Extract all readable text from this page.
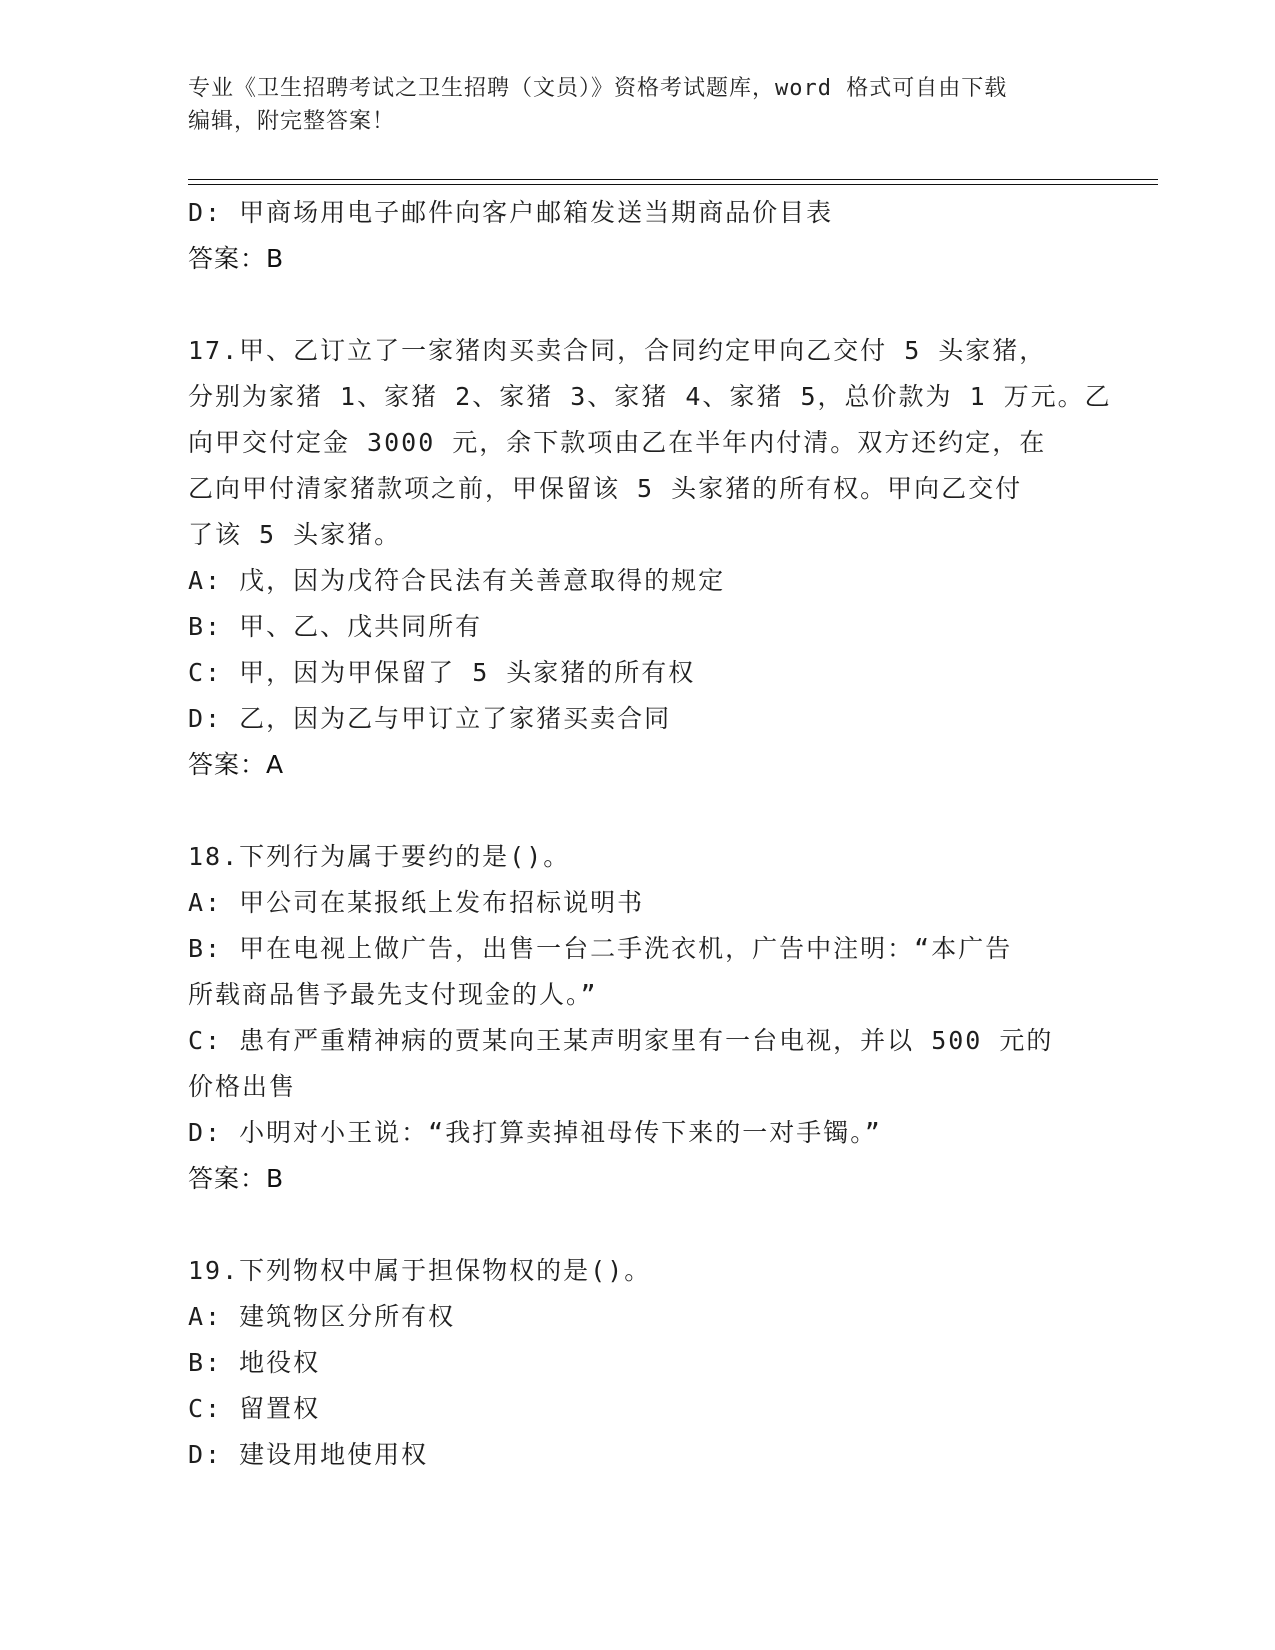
专业《卫生招聘考试之卫生招聘（文员）》资格考试题库，word 格式可自由下载
编辑，附完整答案！
D: 甲商场用电子邮件向客户邮箱发送当期商品价目表
答案：B
17.甲、乙订立了一家猪肉买卖合同，合同约定甲向乙交付 5 头家猪，
分别为家猪 1、家猪 2、家猪 3、家猪 4、家猪 5，总价款为 1 万元。乙
向甲交付定金 3000 元，余下款项由乙在半年内付清。双方还约定，在
乙向甲付清家猪款项之前，甲保留该 5 头家猪的所有权。甲向乙交付
了该 5 头家猪。
A: 戊，因为戊符合民法有关善意取得的规定
B: 甲、乙、戊共同所有
C: 甲，因为甲保留了 5 头家猪的所有权
D: 乙，因为乙与甲订立了家猪买卖合同
答案：A
18.下列行为属于要约的是()。
A: 甲公司在某报纸上发布招标说明书
B: 甲在电视上做广告，出售一台二手洗衣机，广告中注明：“本广告
所载商品售予最先支付现金的人。”
C: 患有严重精神病的贾某向王某声明家里有一台电视，并以 500 元的
价格出售
D: 小明对小王说：“我打算卖掉祖母传下来的一对手镯。”
答案：B
19.下列物权中属于担保物权的是()。
A: 建筑物区分所有权
B: 地役权
C: 留置权
D: 建设用地使用权
